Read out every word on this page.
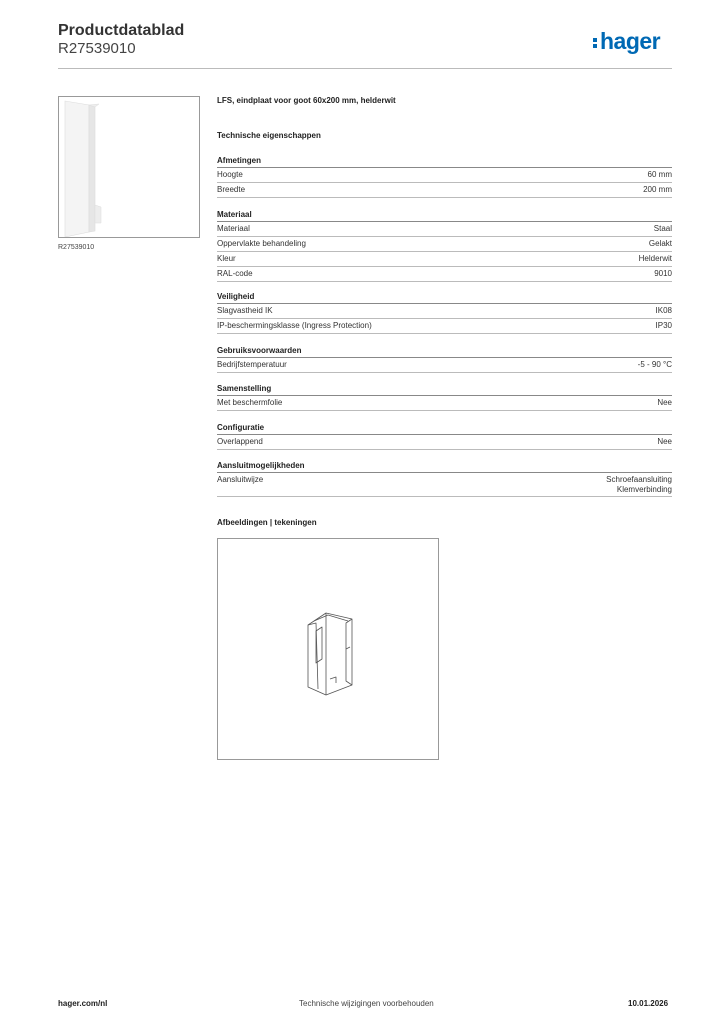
Productdatablad
R27539010	hager
R27539010
LFS, eindplaat voor goot 60x200 mm, helderwit
Technische eigenschappen
Afmetingen
Hoogte	60 mm
Breedte	200 mm
Materiaal
Materiaal	Staal
Oppervlakte behandeling	Gelakt
Kleur	Helderwit
RAL-code	9010
Veiligheid
Slagvastheid IK	IK08
IP-beschermingsklasse (Ingress Protection)	IP30
Gebruiksvoorwaarden
Bedrijfstemperatuur	-5 - 90 °C
Samenstelling
Met beschermfolie	Nee
Configuratie
Overlappend	Nee
Aansluitmogelijkheden
Aansluitwijze	Schroefaansluiting
Klemverbinding
Afbeeldingen | tekeningen
hager.com/nl	Technische wijzigingen voorbehouden	10.01.2026
